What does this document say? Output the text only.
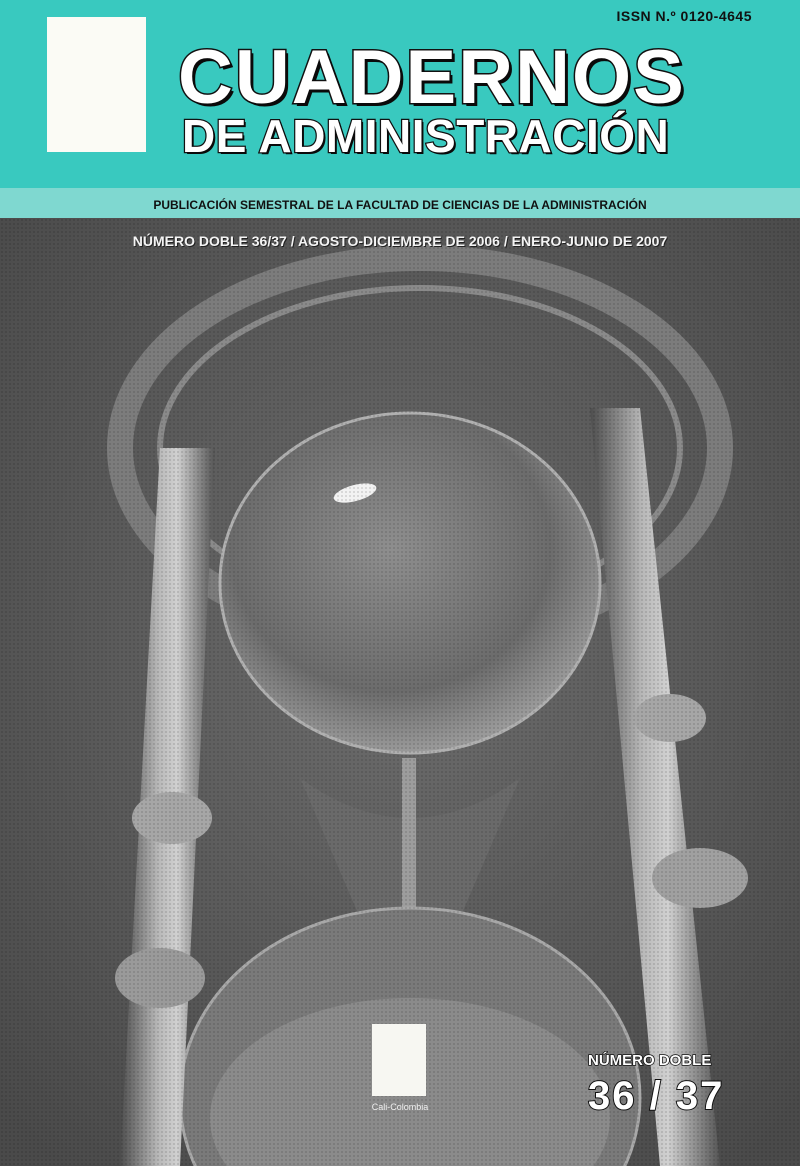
ISSN N.º 0120-4645
CUADERNOS
DE ADMINISTRACIÓN
PUBLICACIÓN SEMESTRAL DE LA FACULTAD DE CIENCIAS DE LA ADMINISTRACIÓN
NÚMERO DOBLE 36/37 / AGOSTO-DICIEMBRE DE 2006 / ENERO-JUNIO DE 2007
Cali-Colombia
NÚMERO DOBLE
36 / 37
